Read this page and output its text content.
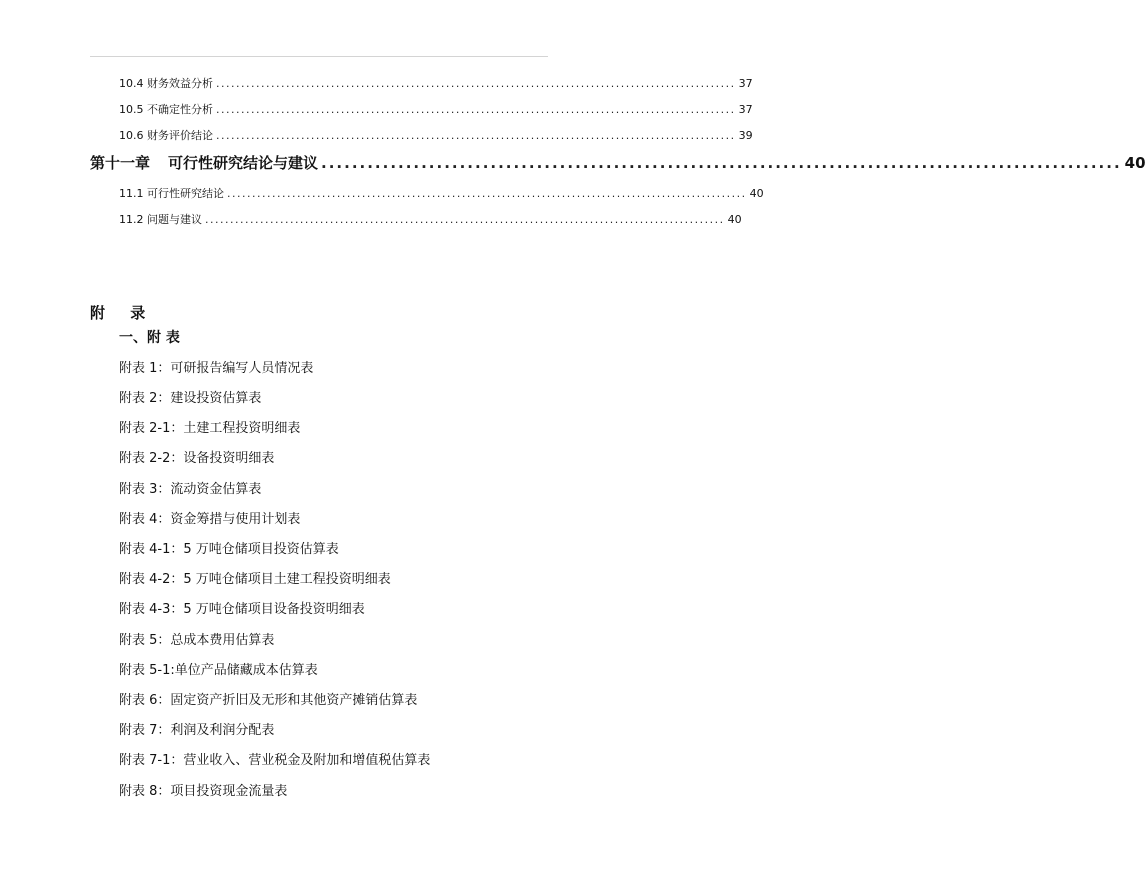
10.4 财务效益分析 ........................................................................................................ 37
10.5 不确定性分析 ........................................................................................................ 37
10.6 财务评价结论 ........................................................................................................ 39
第十一章 可行性研究结论与建议 ........................................................................................................ 40
11.1 可行性研究结论 ........................................................................................................ 40
11.2 问题与建议 ........................................................................................................ 40
附 录
一、附 表
附表 1：可研报告编写人员情况表
附表 2：建设投资估算表
附表 2-1：土建工程投资明细表
附表 2-2：设备投资明细表
附表 3：流动资金估算表
附表 4：资金筹措与使用计划表
附表 4-1：5 万吨仓储项目投资估算表
附表 4-2：5 万吨仓储项目土建工程投资明细表
附表 4-3：5 万吨仓储项目设备投资明细表
附表 5：总成本费用估算表
附表 5-1:单位产品储藏成本估算表
附表 6：固定资产折旧及无形和其他资产摊销估算表
附表 7：利润及利润分配表
附表 7-1：营业收入、营业税金及附加和增值税估算表
附表 8：项目投资现金流量表
